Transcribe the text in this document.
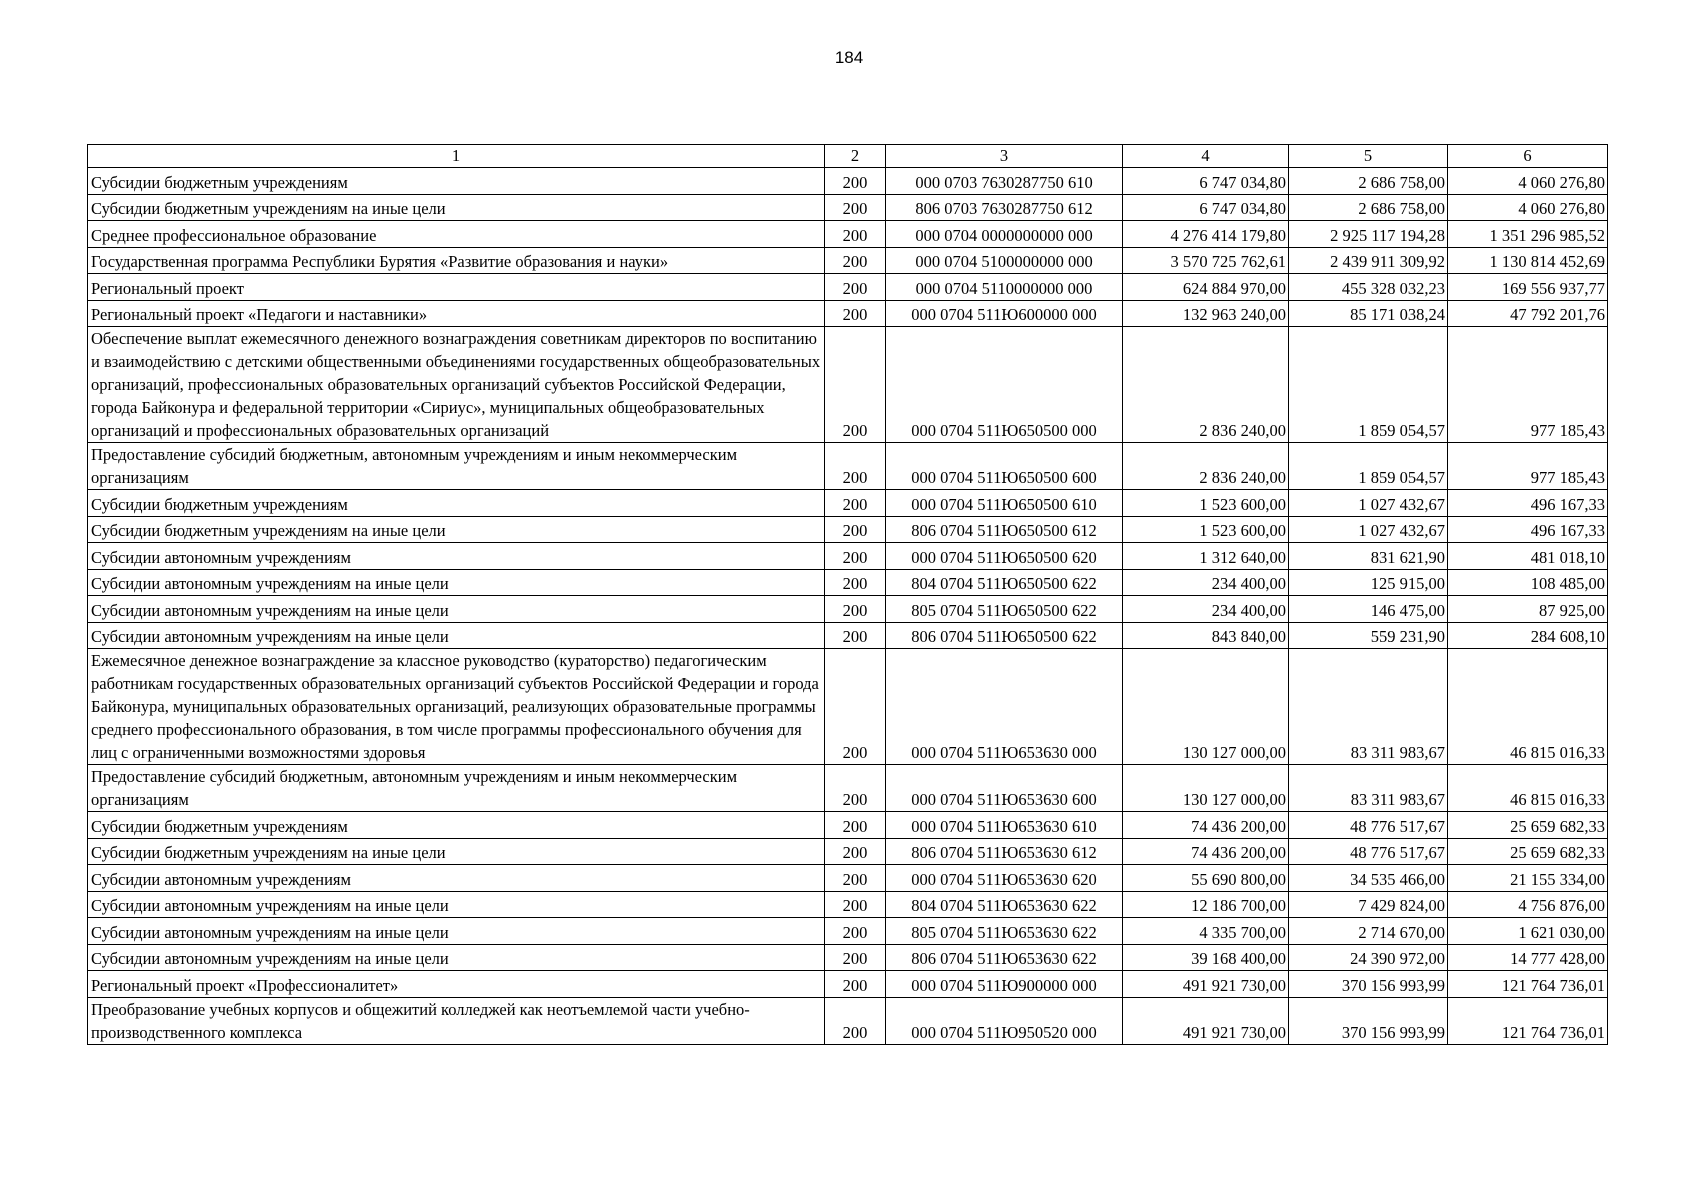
184
1	2	3	4	5	6
Субсидии бюджетным учреждениям	200	000 0703 7630287750 610	6 747 034,80	2 686 758,00	4 060 276,80
Субсидии бюджетным учреждениям на иные цели	200	806 0703 7630287750 612	6 747 034,80	2 686 758,00	4 060 276,80
Среднее профессиональное образование	200	000 0704 0000000000 000	4 276 414 179,80	2 925 117 194,28	1 351 296 985,52
Государственная программа Республики Бурятия «Развитие образования и науки»	200	000 0704 5100000000 000	3 570 725 762,61	2 439 911 309,92	1 130 814 452,69
Региональный проект	200	000 0704 5110000000 000	624 884 970,00	455 328 032,23	169 556 937,77
Региональный проект «Педагоги и наставники»	200	000 0704 511Ю600000 000	132 963 240,00	85 171 038,24	47 792 201,76
Обеспечение выплат ежемесячного денежного вознаграждения советникам директоров по воспитанию и взаимодействию с детскими общественными объединениями государственных общеобразовательных организаций, профессиональных образовательных организаций субъектов Российской Федерации, города Байконура и федеральной территории «Сириус», муниципальных общеобразовательных организаций и профессиональных образовательных организаций	200	000 0704 511Ю650500 000	2 836 240,00	1 859 054,57	977 185,43
Предоставление субсидий бюджетным, автономным учреждениям и иным некоммерческим организациям	200	000 0704 511Ю650500 600	2 836 240,00	1 859 054,57	977 185,43
Субсидии бюджетным учреждениям	200	000 0704 511Ю650500 610	1 523 600,00	1 027 432,67	496 167,33
Субсидии бюджетным учреждениям на иные цели	200	806 0704 511Ю650500 612	1 523 600,00	1 027 432,67	496 167,33
Субсидии автономным учреждениям	200	000 0704 511Ю650500 620	1 312 640,00	831 621,90	481 018,10
Субсидии автономным учреждениям на иные цели	200	804 0704 511Ю650500 622	234 400,00	125 915,00	108 485,00
Субсидии автономным учреждениям на иные цели	200	805 0704 511Ю650500 622	234 400,00	146 475,00	87 925,00
Субсидии автономным учреждениям на иные цели	200	806 0704 511Ю650500 622	843 840,00	559 231,90	284 608,10
Ежемесячное денежное вознаграждение за классное руководство (кураторство) педагогическим работникам государственных образовательных организаций субъектов Российской Федерации и города Байконура, муниципальных образовательных организаций, реализующих образовательные программы среднего профессионального образования, в том числе программы профессионального обучения для лиц с ограниченными возможностями здоровья	200	000 0704 511Ю653630 000	130 127 000,00	83 311 983,67	46 815 016,33
Предоставление субсидий бюджетным, автономным учреждениям и иным некоммерческим организациям	200	000 0704 511Ю653630 600	130 127 000,00	83 311 983,67	46 815 016,33
Субсидии бюджетным учреждениям	200	000 0704 511Ю653630 610	74 436 200,00	48 776 517,67	25 659 682,33
Субсидии бюджетным учреждениям на иные цели	200	806 0704 511Ю653630 612	74 436 200,00	48 776 517,67	25 659 682,33
Субсидии автономным учреждениям	200	000 0704 511Ю653630 620	55 690 800,00	34 535 466,00	21 155 334,00
Субсидии автономным учреждениям на иные цели	200	804 0704 511Ю653630 622	12 186 700,00	7 429 824,00	4 756 876,00
Субсидии автономным учреждениям на иные цели	200	805 0704 511Ю653630 622	4 335 700,00	2 714 670,00	1 621 030,00
Субсидии автономным учреждениям на иные цели	200	806 0704 511Ю653630 622	39 168 400,00	24 390 972,00	14 777 428,00
Региональный проект «Профессионалитет»	200	000 0704 511Ю900000 000	491 921 730,00	370 156 993,99	121 764 736,01
Преобразование учебных корпусов и общежитий колледжей как неотъемлемой части учебно-производственного комплекса	200	000 0704 511Ю950520 000	491 921 730,00	370 156 993,99	121 764 736,01
